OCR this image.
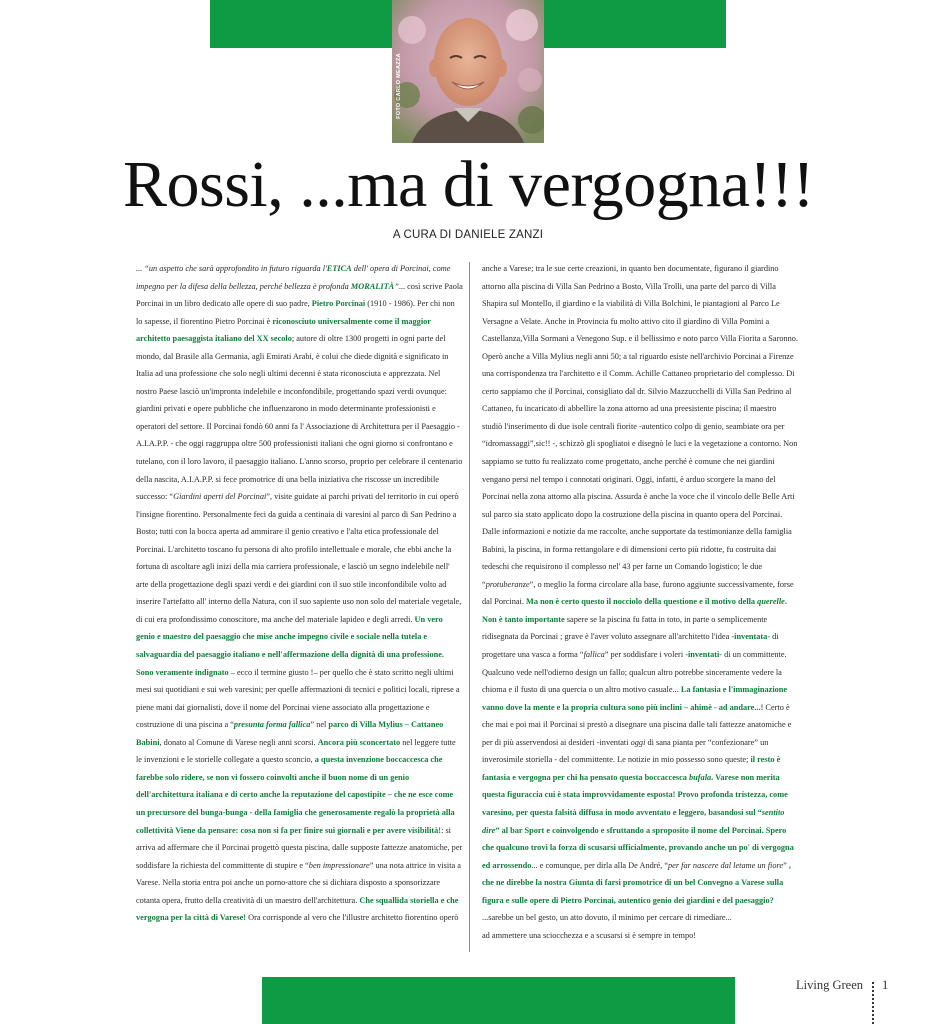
FOTO CARLO MEAZZA
Rossi, ...ma di vergogna!!!
A CURA DI DANIELE ZANZI

... “un aspetto che sarà approfondito in futuro riguarda l'ETICA dell' opera di Porcinai, come impegno per la difesa della bellezza, perché bellezza è profonda MORALITÀ”... così scrive Paola Porcinai in un libro dedicato alle opere di suo padre, Pietro Porcinai (1910 - 1986). Per chi non lo sapesse, il fiorentino Pietro Porcinai è riconosciuto universalmente come il maggior architetto paesaggista italiano del XX secolo; autore di oltre 1300 progetti in ogni parte del mondo, dal Brasile alla Germania, agli Emirati Arabi, è colui che diede dignità e significato in Italia ad una professione che solo negli ultimi decenni è stata riconosciuta e apprezzata. Nel nostro Paese lasciò un'impronta indelebile e inconfondibile, progettando spazi verdi ovunque: giardini privati e opere pubbliche che influenzarono in modo determinante professionisti e operatori del settore. Il Porcinai fondò 60 anni fa l' Associazione di Architettura per il Paesaggio - A.I.A.P.P. - che oggi raggruppa oltre 500 professionisti italiani che ogni giorno si confrontano e tutelano, con il loro lavoro, il paesaggio italiano. L'anno scorso, proprio per celebrare il centenario della nascita, A.I.A.P.P. si fece promotrice di una bella iniziativa che riscosse un incredibile successo: “Giardini aperti del Porcinai”, visite guidate ai parchi privati del territorio in cui operò l'insigne fiorentino. Personalmente feci da guida a centinaia di varesini al parco di San Pedrino a Bosto; tutti con la bocca aperta ad ammirare il genio creativo e l'alta etica professionale del Porcinai. L'architetto toscano fu persona di alto profilo intellettuale e morale, che ebbi anche la fortuna di ascoltare agli inizi della mia carriera professionale, e lasciò un segno indelebile nell' arte della progettazione degli spazi verdi e dei giardini con il suo stile inconfondibile volto ad inserire l'artefatto all' interno della Natura, con il suo sapiente uso non solo del materiale vegetale, di cui era profondissimo conoscitore, ma anche del materiale lapideo e degli arredi. Un vero genio e maestro del paesaggio che mise anche impegno civile e sociale nella tutela e salvaguardia del paesaggio italiano e nell'affermazione della dignità di una professione. Sono veramente indignato – ecco il termine giusto !– per quello che è stato scritto negli ultimi mesi sui quotidiani e sui web varesini; per quelle affermazioni di tecnici e politici locali, riprese a piene mani dai giornalisti, dove il nome del Porcinai viene associato alla progettazione e costruzione di una piscina a “presunta forma fallica” nel parco di Villa Mylius – Cattaneo Babini, donato al Comune di Varese negli anni scorsi. Ancora più sconcertato nel leggere tutte le invenzioni e le storielle collegate a questo sconcio, a questa invenzione boccaccesca che farebbe solo ridere, se non vi fossero coinvolti anche il buon nome di un genio dell'architettura italiana e di certo anche la reputazione del capostipite – che ne esce come un precursore del bunga-bunga - della famiglia che generosamente regalò la proprietà alla collettività Viene da pensare: cosa non si fa per finire sui giornali e per avere visibilità!: si arriva ad affermare che il Porcinai progettò questa piscina, dalle supposte fattezze anatomiche, per soddisfare la richiesta del committente di stupire e “ben impressionare” una nota attrice in visita a Varese. Nella storia entra poi anche un porno-attore che si dichiara disposto a sponsorizzare cotanta opera, frutto della creatività di un maestro dell'architettura. Che squallida storiella e che vergogna per la città di Varese! Ora corrisponde al vero che l'illustre architetto fiorentino operò

anche a Varese; tra le sue certe creazioni, in quanto ben documentate, figurano il giardino attorno alla piscina di Villa San Pedrino a Bosto, Villa Trolli, una parte del parco di Villa Shapira sul Montello, il giardino e la viabilità di Villa Bolchini, le piantagioni al Parco Le Versagne a Velate. Anche in Provincia fu molto attivo cito il giardino di Villa Pomini a Castellanza,Villa Sormani a Venegono Sup. e il bellissimo e noto parco Villa Fiorita a Saronno. Operò anche a Villa Mylius negli anni 50; a tal riguardo esiste nell'archivio Porcinai a Firenze una corrispondenza tra l'architetto e il Comm. Achille Cattaneo proprietario del complesso. Di certo sappiamo che il Porcinai, consigliato dal dr. Silvio Mazzucchelli di Villa San Pedrino al Cattaneo, fu incaricato di abbellire la zona attorno ad una preesistente piscina; il maestro studiò l'inserimento di due isole centrali fiorite -autentico colpo di genio, seambiate ora per “idromassaggi”,sic!! -, schizzò gli spogliatoi e disegnò le luci e la vegetazione a contorno. Non sappiamo se tutto fu realizzato come progettato, anche perché è comune che nei giardini vengano persi nel tempo i connotati originari. Oggi, infatti, è arduo scorgere la mano del Porcinai nella zona attorno alla piscina. Assurda è anche la voce che il vincolo delle Belle Arti sul parco sia stato applicato dopo la costruzione della piscina in quanto opera del Porcinai. Dalle informazioni e notizie da me raccolte, anche supportate da testimonianze della famiglia Babini, la piscina, in forma rettangolare e di dimensioni certo più ridotte, fu costruita dai tedeschi che requisirono il complesso nel' 43 per farne un Comando logistico; le due “protuberanze”, o meglio la forma circolare alla base, furono aggiunte successivamente, forse dal Porcinai. Ma non è certo questo il nocciolo della questione e il motivo della querelle. Non è tanto importante sapere se la piscina fu fatta in toto, in parte o semplicemente ridisegnata da Porcinai ; grave è l'aver voluto assegnare all'architetto l'idea -inventata- di progettare una vasca a forma “fallica” per soddisfare i voleri -inventati- di un committente. Qualcuno vede nell'odierno design un fallo; qualcun altro potrebbe sinceramente vedere la chioma e il fusto di una quercia o un altro motivo casuale... La fantasia e l'immaginazione vanno dove la mente e la propria cultura sono più inclini – ahimè - ad andare...! Certo è che mai e poi mai il Porcinai si prestò a disegnare una piscina dalle tali fattezze anatomiche e per di più asservendosi ai desideri -inventati oggi di sana pianta per “confezionare” un inverosimile storiella - del committente. Le notizie in mio possesso sono queste; il resto è fantasia e vergogna per chi ha pensato questa boccaccesca bufala. Varese non merita questa figuraccia cui è stata improvvidamente esposta! Provo profonda tristezza, come varesino, per questa falsità diffusa in modo avventato e leggero, basandosi sul “sentito dire” al bar Sport e coinvolgendo e sfruttando a sproposito il nome del Porcinai. Spero che qualcuno trovi la forza di scusarsi ufficialmente, provando anche un po' di vergogna ed arrossendo... e comunque, per dirla alla De André, “per far nascere dal letame un fiore” , che ne direbbe la nostra Giunta di farsi promotrice di un bel Convegno a Varese sulla figura e sulle opere di Pietro Porcinai, autentico genio dei giardini e del paesaggio? ...sarebbe un bel gesto, un atto dovuto, il minimo per cercare di rimediare...

ad ammettere una sciocchezza e a scusarsi si è sempre in tempo!

Living Green 1
